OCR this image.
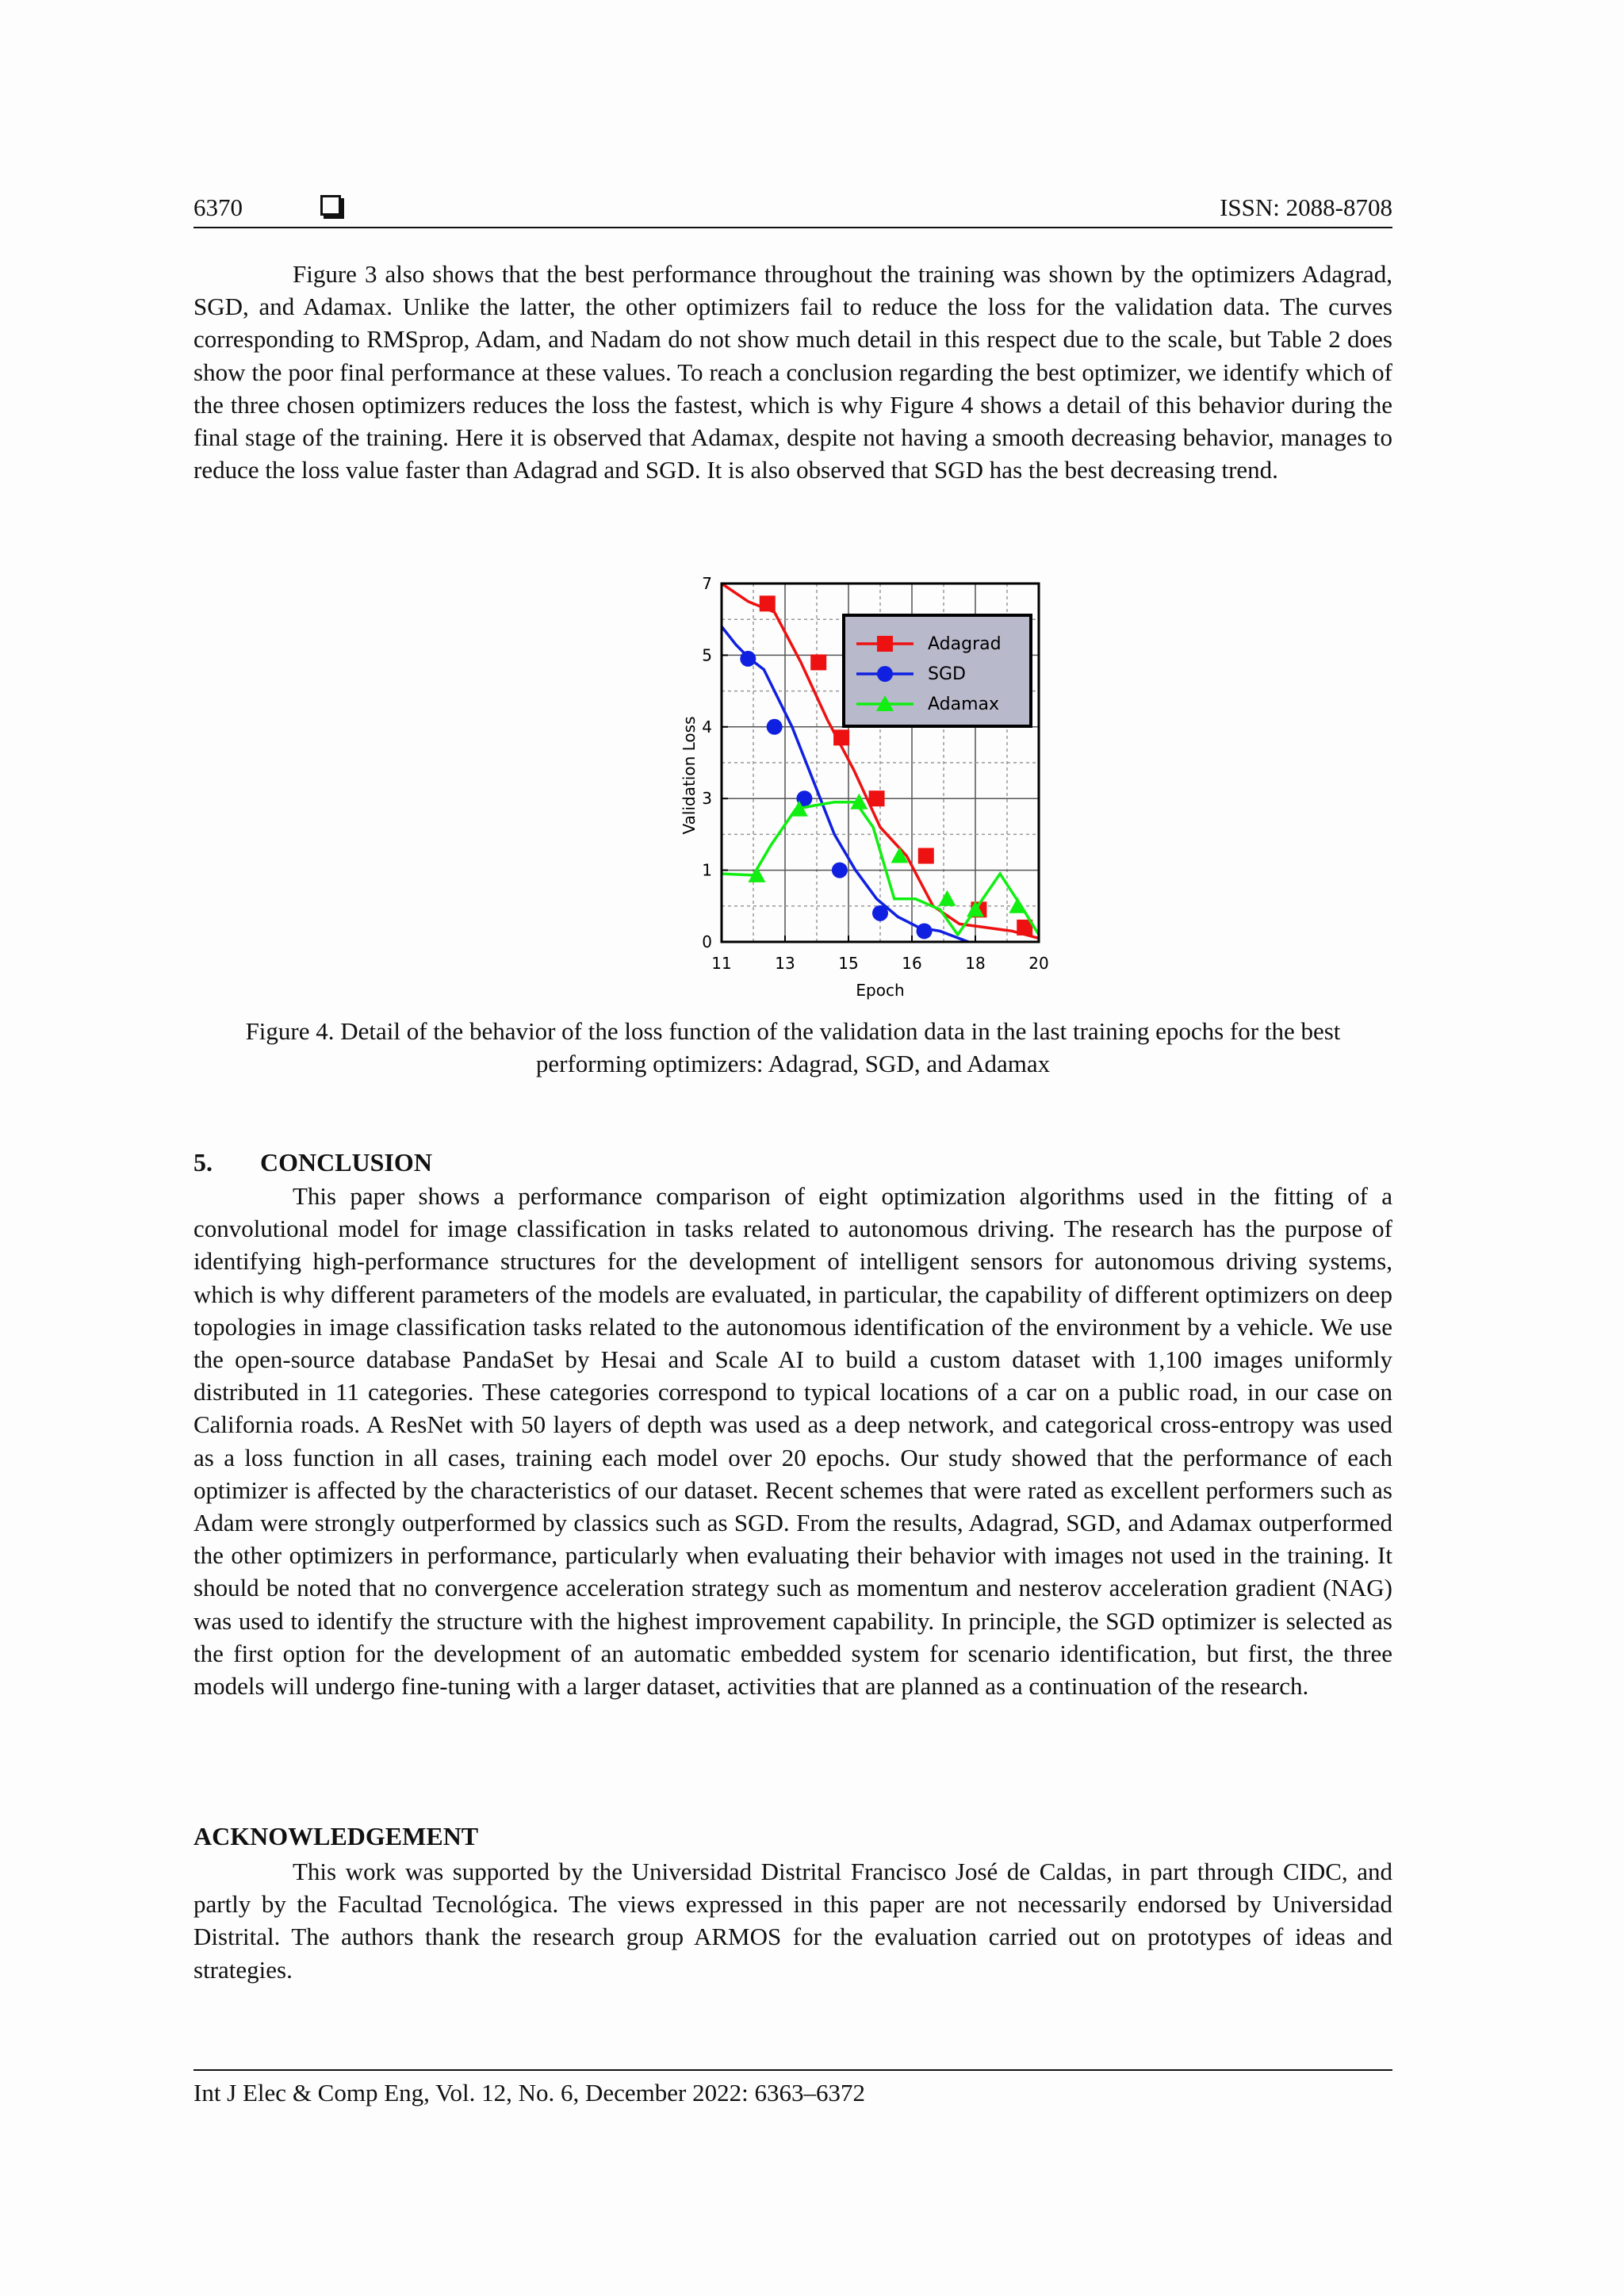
6370	ISSN: 2088-8708

Figure 3 also shows that the best performance throughout the training was shown by the optimizers Adagrad, SGD, and Adamax. Unlike the latter, the other optimizers fail to reduce the loss for the validation data. The curves corresponding to RMSprop, Adam, and Nadam do not show much detail in this respect due to the scale, but Table 2 does show the poor final performance at these values. To reach a conclusion regarding the best optimizer, we identify which of the three chosen optimizers reduces the loss the fastest, which is why Figure 4 shows a detail of this behavior during the final stage of the training. Here it is observed that Adamax, despite not having a smooth decreasing behavior, manages to reduce the loss value faster than Adagrad and SGD. It is also observed that SGD has the best decreasing trend.

11	13	15	16	18	20
0
1
3
4
5
7
Validation Loss
Epoch
Adagrad
SGD
Adamax
Figure 4. Detail of the behavior of the loss function of the validation data in the last training epochs for the best performing optimizers: Adagrad, SGD, and Adamax
5. CONCLUSION

This paper shows a performance comparison of eight optimization algorithms used in the fitting of a convolutional model for image classification in tasks related to autonomous driving. The research has the purpose of identifying high-performance structures for the development of intelligent sensors for autonomous driving systems, which is why different parameters of the models are evaluated, in particular, the capability of different optimizers on deep topologies in image classification tasks related to the autonomous identification of the environment by a vehicle. We use the open-source database PandaSet by Hesai and Scale AI to build a custom dataset with 1,100 images uniformly distributed in 11 categories. These categories correspond to typical locations of a car on a public road, in our case on California roads. A ResNet with 50 layers of depth was used as a deep network, and categorical cross-entropy was used as a loss function in all cases, training each model over 20 epochs. Our study showed that the performance of each optimizer is affected by the characteristics of our dataset. Recent schemes that were rated as excellent performers such as Adam were strongly outperformed by classics such as SGD. From the results, Adagrad, SGD, and Adamax outperformed the other optimizers in performance, particularly when evaluating their behavior with images not used in the training. It should be noted that no convergence acceleration strategy such as momentum and nesterov acceleration gradient (NAG) was used to identify the structure with the highest improvement capability. In principle, the SGD optimizer is selected as the first option for the development of an automatic embedded system for scenario identification, but first, the three models will undergo fine-tuning with a larger dataset, activities that are planned as a continuation of the research.

ACKNOWLEDGEMENT

This work was supported by the Universidad Distrital Francisco José de Caldas, in part through CIDC, and partly by the Facultad Tecnológica. The views expressed in this paper are not necessarily endorsed by Universidad Distrital. The authors thank the research group ARMOS for the evaluation carried out on prototypes of ideas and strategies.

Int J Elec & Comp Eng, Vol. 12, No. 6, December 2022: 6363–6372
